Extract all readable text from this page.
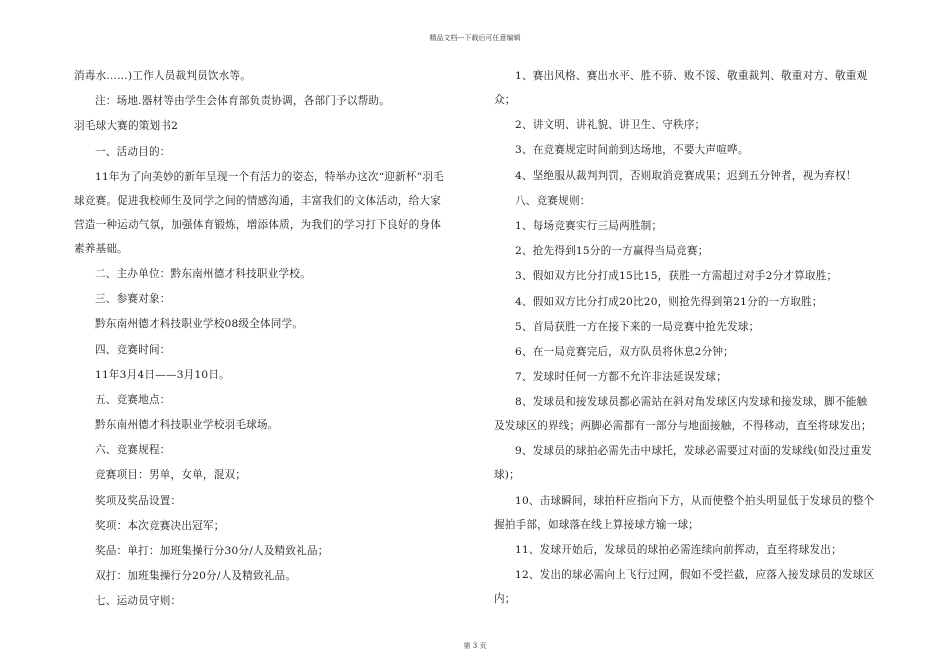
精品文档---下载后可任意编辑
消毒水……)工作人员裁判员饮水等。
注：场地.器材等由学生会体育部负责协调，各部门予以帮助。
羽毛球大赛的策划书2
一、活动目的：
11年为了向美妙的新年呈现一个有活力的姿态，特举办这次“迎新杯”羽毛球竞赛。促进我校师生及同学之间的情感沟通，丰富我们的文体活动，给大家营造一种运动气氛，加强体育锻炼，增添体质，为我们的学习打下良好的身体素养基础。
二、主办单位：黔东南州德才科技职业学校。
三、参赛对象：
黔东南州德才科技职业学校08级全体同学。
四、竞赛时间：
11年3月4日——3月10日。
五、竞赛地点：
黔东南州德才科技职业学校羽毛球场。
六、竞赛规程：
竞赛项目：男单，女单，混双；
奖项及奖品设置：
奖项：本次竞赛决出冠军；
奖品：单打：加班集操行分30分/人及精致礼品；
双打：加班集操行分20分/人及精致礼品。
七、运动员守则：
1、赛出风格、赛出水平、胜不骄、败不馁、敬重裁判、敬重对方、敬重观众；
2、讲文明、讲礼貌、讲卫生、守秩序；
3、在竞赛规定时间前到达场地，不要大声喧哗。
4、坚绝服从裁判判罚，否则取消竞赛成果；迟到五分钟者，视为弃权！
八、竞赛规则：
1、每场竞赛实行三局两胜制；
2、抢先得到15分的一方赢得当局竞赛；
3、假如双方比分打成15比15，获胜一方需超过对手2分才算取胜；
4、假如双方比分打成20比20，则抢先得到第21分的一方取胜；
5、首局获胜一方在接下来的一局竞赛中抢先发球；
6、在一局竞赛完后，双方队员将休息2分钟；
7、发球时任何一方都不允许非法延误发球；
8、发球员和接发球员都必需站在斜对角发球区内发球和接发球，脚不能触及发球区的界线；两脚必需都有一部分与地面接触，不得移动，直至将球发出；
9、发球员的球拍必需先击中球托，发球必需要过对面的发球线(如没过重发球)；
10、击球瞬间，球拍杆应指向下方，从而使整个拍头明显低于发球员的整个握拍手部，如球落在线上算接球方输一球；
11、发球开始后，发球员的球拍必需连续向前挥动，直至将球发出；
12、发出的球必需向上飞行过网，假如不受拦截，应落入接发球员的发球区内；
第 3 页
